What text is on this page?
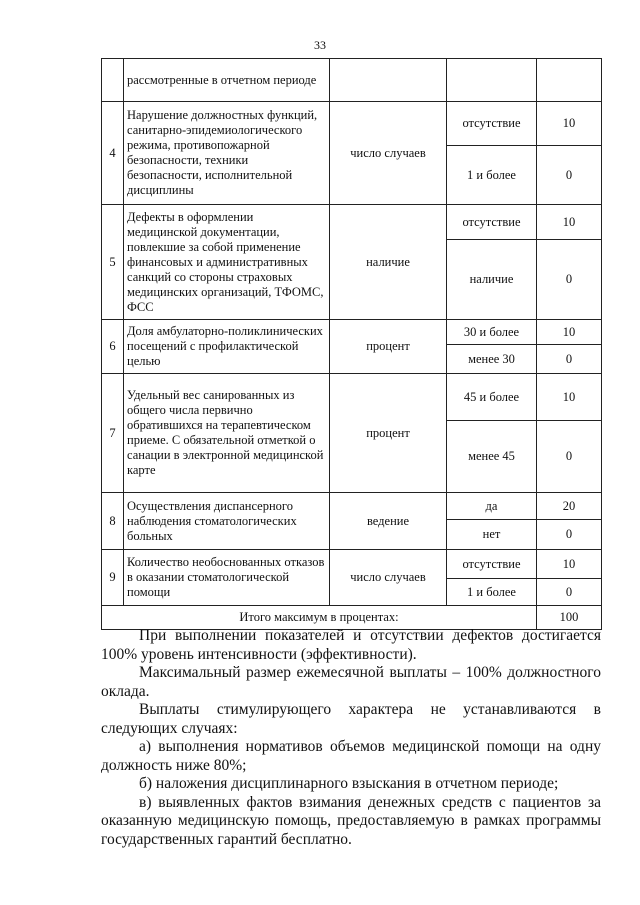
33
	рассмотренные в отчетном периоде			
4	Нарушение должностных функций, санитарно-эпидемиологического режима, противопожарной безопасности, техники безопасности, исполнительной дисциплины	число случаев	отсутствие	10
			1 и более	0
5	Дефекты в оформлении медицинской документации, повлекшие за собой применение финансовых и административных санкций со стороны страховых медицинских организаций, ТФОМС, ФСС	наличие	отсутствие	10
			наличие	0
6	Доля амбулаторно-поликлинических посещений с профилактической целью	процент	30 и более	10
			менее 30	0
7	Удельный вес санированных из общего числа первично обратившихся на терапевтическом приеме. С обязательной отметкой о санации в электронной медицинской карте	процент	45 и более	10
			менее 45	0
8	Осуществления диспансерного наблюдения стоматологических больных	ведение	да	20
			нет	0
9	Количество необоснованных отказов в оказании стоматологической помощи	число случаев	отсутствие	10
			1 и более	0
Итого максимум в процентах:				100

При выполнении показателей и отсутствии дефектов достигается 100% уровень интенсивности (эффективности).

Максимальный размер ежемесячной выплаты – 100% должностного оклада.

Выплаты стимулирующего характера не устанавливаются в следующих случаях:

а) выполнения нормативов объемов медицинской помощи на одну должность ниже 80%;

б) наложения дисциплинарного взыскания в отчетном периоде;

в) выявленных фактов взимания денежных средств с пациентов за оказанную медицинскую помощь, предоставляемую в рамках программы государственных гарантий бесплатно.
